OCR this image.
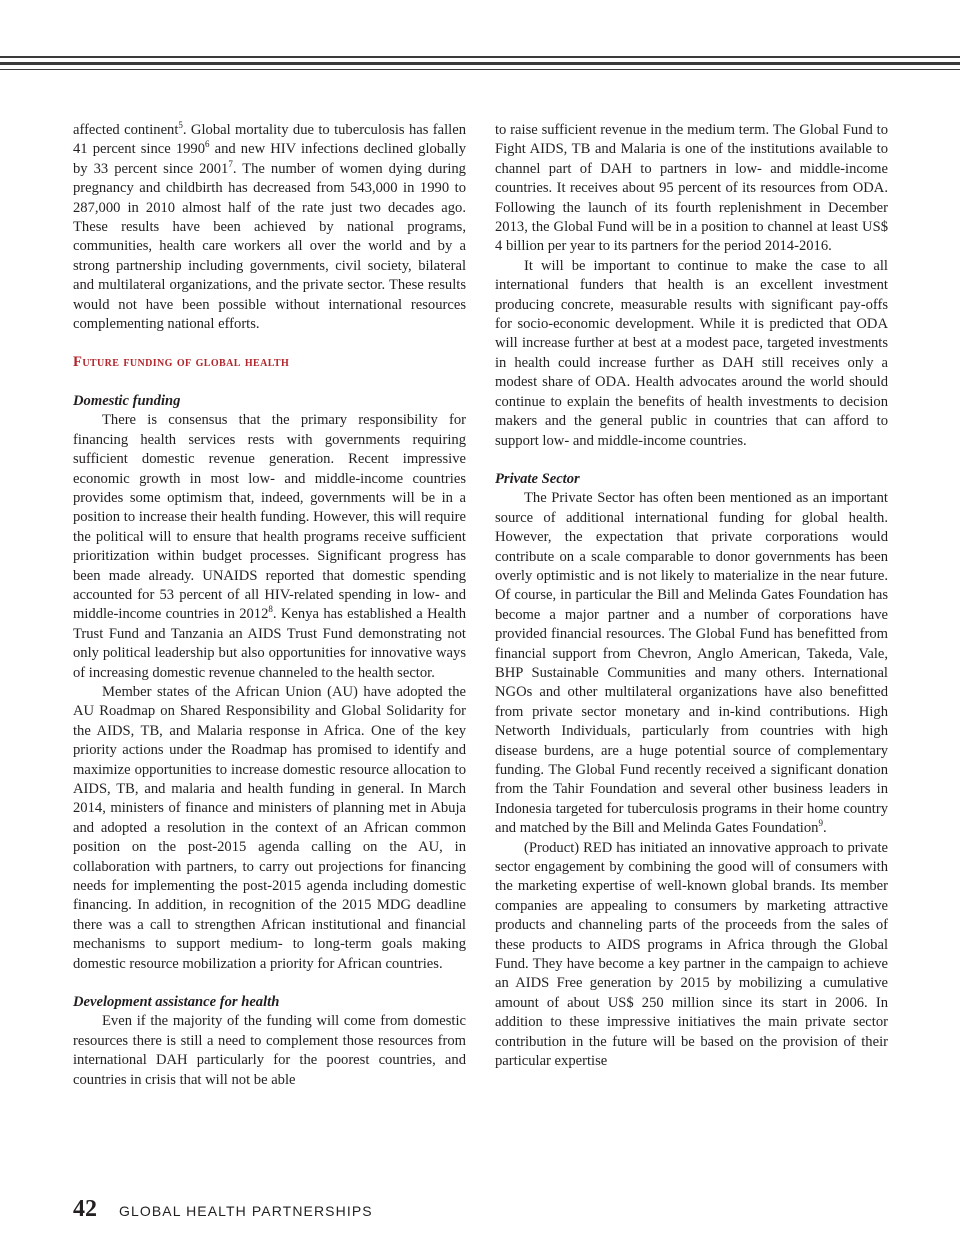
affected continent$^5$. Global mortality due to tuberculosis has fallen 41 percent since 1990$^6$ and new HIV infections declined globally by 33 percent since 2001$^7$. The number of women dying during pregnancy and childbirth has decreased from 543,000 in 1990 to 287,000 in 2010 almost half of the rate just two decades ago. These results have been achieved by national programs, communities, health care workers all over the world and by a strong partnership including governments, civil society, bilateral and multilateral organizations, and the private sector. These results would not have been possible without international resources complementing national efforts.

Future funding of global health
Domestic funding

There is consensus that the primary responsibility for financing health services rests with governments requiring sufficient domestic revenue generation. Recent impressive economic growth in most low- and middle-income countries provides some optimism that, indeed, governments will be in a position to increase their health funding. However, this will require the political will to ensure that health programs receive sufficient prioritization within budget processes. Significant progress has been made already. UNAIDS reported that domestic spending accounted for 53 percent of all HIV-related spending in low- and middle-income countries in 2012$^8$. Kenya has established a Health Trust Fund and Tanzania an AIDS Trust Fund demonstrating not only political leadership but also opportunities for innovative ways of increasing domestic revenue channeled to the health sector.

Member states of the African Union (AU) have adopted the AU Roadmap on Shared Responsibility and Global Solidarity for the AIDS, TB, and Malaria response in Africa. One of the key priority actions under the Roadmap has promised to identify and maximize opportunities to increase domestic resource allocation to AIDS, TB, and malaria and health funding in general. In March 2014, ministers of finance and ministers of planning met in Abuja and adopted a resolution in the context of an African common position on the post-2015 agenda calling on the AU, in collaboration with partners, to carry out projections for financing needs for implementing the post-2015 agenda including domestic financing. In addition, in recognition of the 2015 MDG deadline there was a call to strengthen African institutional and financial mechanisms to support medium- to long-term goals making domestic resource mobilization a priority for African countries.

Development assistance for health

Even if the majority of the funding will come from domestic resources there is still a need to complement those resources from international DAH particularly for the poorest countries, and countries in crisis that will not be able

to raise sufficient revenue in the medium term. The Global Fund to Fight AIDS, TB and Malaria is one of the institutions available to channel part of DAH to partners in low- and middle-income countries. It receives about 95 percent of its resources from ODA. Following the launch of its fourth replenishment in December 2013, the Global Fund will be in a position to channel at least US$ 4 billion per year to its partners for the period 2014-2016.

It will be important to continue to make the case to all international funders that health is an excellent investment producing concrete, measurable results with significant pay-offs for socio-economic development. While it is predicted that ODA will increase further at best at a modest pace, targeted investments in health could increase further as DAH still receives only a modest share of ODA. Health advocates around the world should continue to explain the benefits of health investments to decision makers and the general public in countries that can afford to support low- and middle-income countries.

Private Sector

The Private Sector has often been mentioned as an important source of additional international funding for global health. However, the expectation that private corporations would contribute on a scale comparable to donor governments has been overly optimistic and is not likely to materialize in the near future. Of course, in particular the Bill and Melinda Gates Foundation has become a major partner and a number of corporations have provided financial resources. The Global Fund has benefitted from financial support from Chevron, Anglo American, Takeda, Vale, BHP Sustainable Communities and many others. International NGOs and other multilateral organizations have also benefitted from private sector monetary and in-kind contributions. High Networth Individuals, particularly from countries with high disease burdens, are a huge potential source of complementary funding. The Global Fund recently received a significant donation from the Tahir Foundation and several other business leaders in Indonesia targeted for tuberculosis programs in their home country and matched by the Bill and Melinda Gates Foundation$^9$.

(Product) RED has initiated an innovative approach to private sector engagement by combining the good will of consumers with the marketing expertise of well-known global brands. Its member companies are appealing to consumers by marketing attractive products and channeling parts of the proceeds from the sales of these products to AIDS programs in Africa through the Global Fund. They have become a key partner in the campaign to achieve an AIDS Free generation by 2015 by mobilizing a cumulative amount of about US$ 250 million since its start in 2006. In addition to these impressive initiatives the main private sector contribution in the future will be based on the provision of their particular expertise

42 GLOBAL HEALTH PARTNERSHIPS
